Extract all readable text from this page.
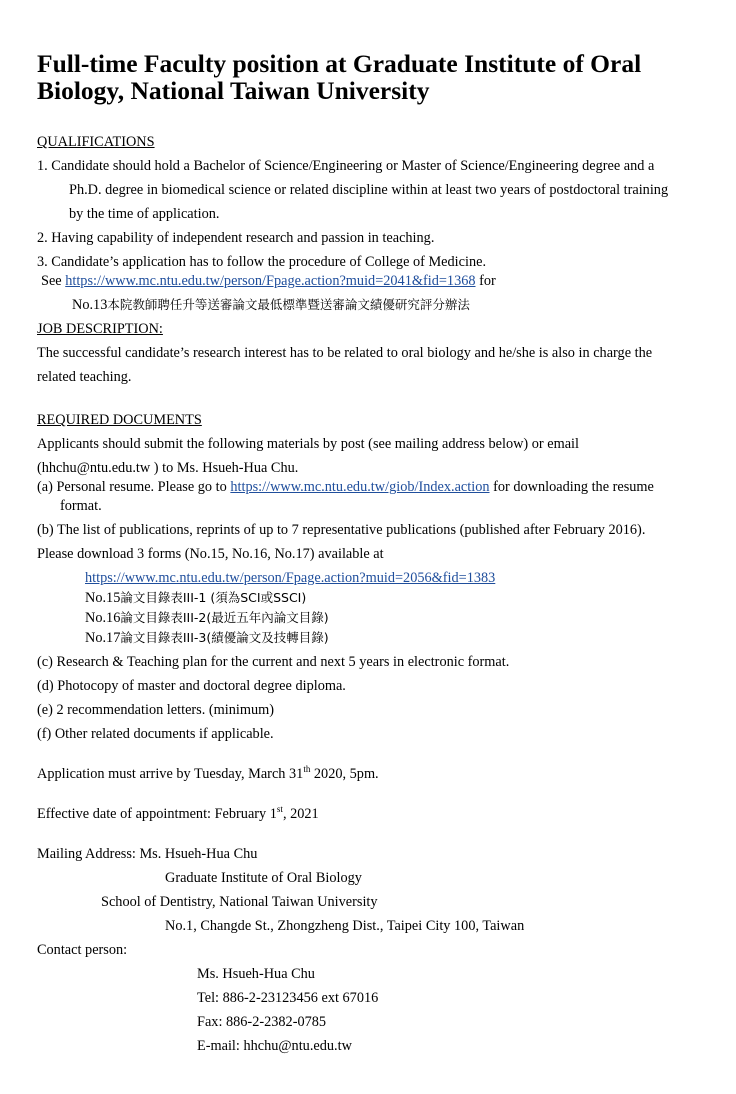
Full-time Faculty position at Graduate Institute of Oral Biology, National Taiwan University
QUALIFICATIONS
1. Candidate should hold a Bachelor of Science/Engineering or Master of Science/Engineering degree and a
Ph.D. degree in biomedical science or related discipline within at least two years of postdoctoral training
by the time of application.
2. Having capability of independent research and passion in teaching.
3. Candidate’s application has to follow the procedure of College of Medicine.
See https://www.mc.ntu.edu.tw/person/Fpage.action?muid=2041&fid=1368 for
No.13本院教師聘任升等送審論文最低標準暨送審論文績優研究評分辦法
JOB DESCRIPTION:
The successful candidate’s research interest has to be related to oral biology and he/she is also in charge the
related teaching.
REQUIRED DOCUMENTS
Applicants should submit the following materials by post (see mailing address below) or email
(hhchu@ntu.edu.tw ) to Ms. Hsueh-Hua Chu.
(a) Personal resume. Please go to https://www.mc.ntu.edu.tw/giob/Index.action for downloading the resume
format.
(b) The list of publications, reprints of up to 7 representative publications (published after February 2016).
Please download 3 forms (No.15, No.16, No.17) available at
https://www.mc.ntu.edu.tw/person/Fpage.action?muid=2056&fid=1383
No.15論文目錄表III-1 (須為SCI或SSCI)
No.16論文目錄表III-2(最近五年內論文目錄)
No.17論文目錄表III-3(績優論文及技轉目錄)
(c) Research & Teaching plan for the current and next 5 years in electronic format.
(d) Photocopy of master and doctoral degree diploma.
(e) 2 recommendation letters. (minimum)
(f) Other related documents if applicable.
Application must arrive by Tuesday, March 31th 2020, 5pm.
Effective date of appointment: February 1st, 2021
Mailing Address: Ms. Hsueh-Hua Chu
Graduate Institute of Oral Biology
School of Dentistry, National Taiwan University
No.1, Changde St., Zhongzheng Dist., Taipei City 100, Taiwan
Contact person:
Ms. Hsueh-Hua Chu
Tel: 886-2-23123456 ext 67016
Fax: 886-2-2382-0785
E-mail: hhchu@ntu.edu.tw
